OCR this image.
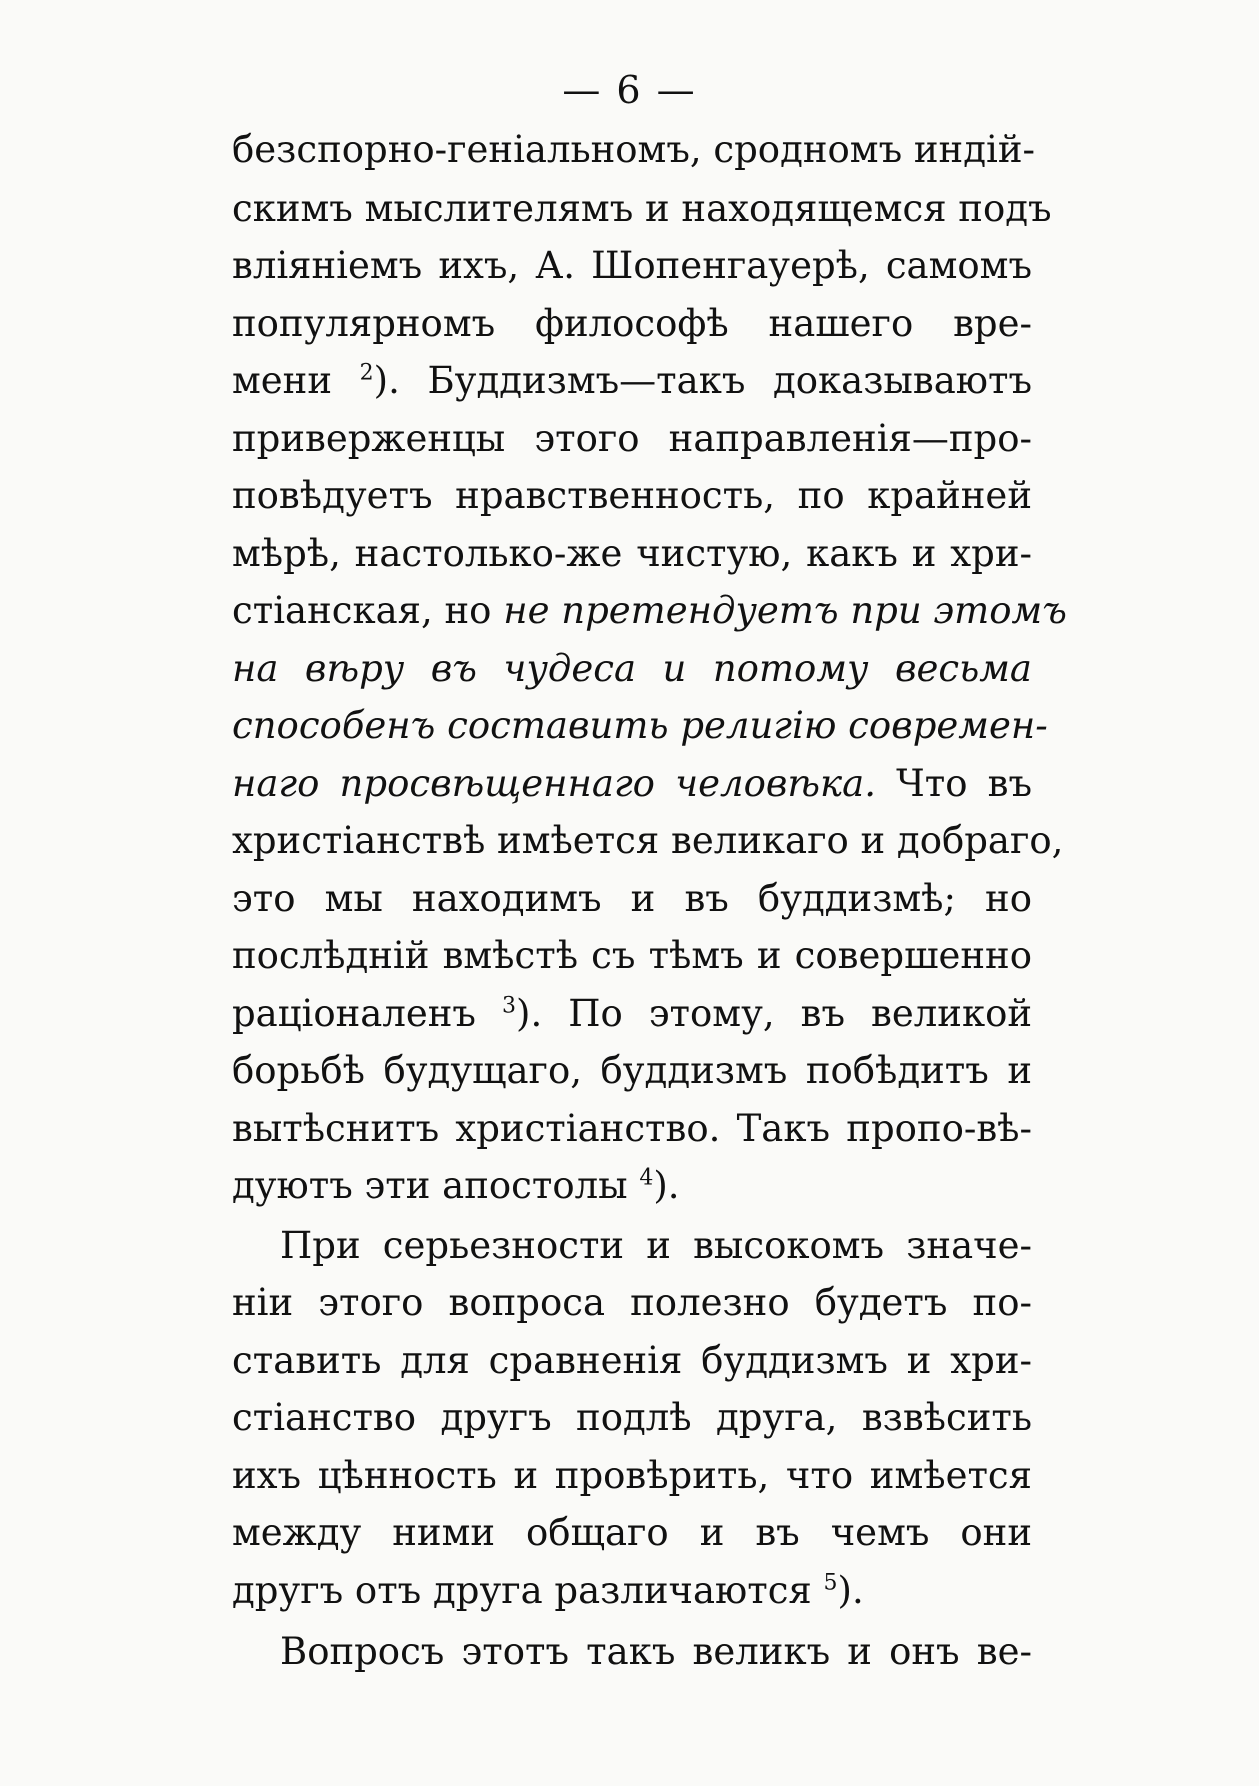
— 6 —
безспорно-геніальномъ, сродномъ индій-
скимъ мыслителямъ и находящемся подъ
вліяніемъ ихъ, А. Шопенгауерѣ, самомъ
популярномъ философѣ нашего вре-
мени $^2$). Буддизмъ—такъ доказываютъ
приверженцы этого направленія—про-
повѣдуетъ нравственность, по крайней
мѣрѣ, настолько-же чистую, какъ и хри-
стіанская, но не претендуетъ при этомъ
на вѣру въ чудеса и потому весьма
способенъ составить религію современ-
наго просвѣщеннаго человѣка. Что въ
христіанствѣ имѣется великаго и добраго,
это мы находимъ и въ буддизмѣ; но
послѣдній вмѣстѣ съ тѣмъ и совершенно
раціоналенъ $^3$). По этому, въ великой
борьбѣ будущаго, буддизмъ побѣдитъ и
вытѣснитъ христіанство. Такъ пропо-вѣ-
дуютъ эти апостолы $^4$).
При серьезности и высокомъ значе-
ніи этого вопроса полезно будетъ по-
ставить для сравненія буддизмъ и хри-
стіанство другъ подлѣ друга, взвѣсить
ихъ цѣнность и провѣрить, что имѣется
между ними общаго и въ чемъ они
другъ отъ друга различаются $^5$).
Вопросъ этотъ такъ великъ и онъ ве-
